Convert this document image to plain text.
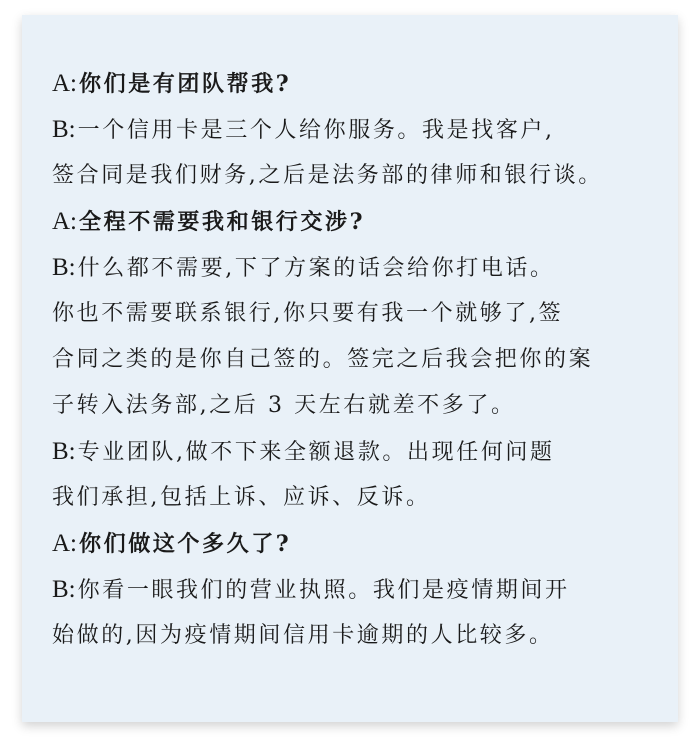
A: 你们是有团队帮我?
B: 一个信用卡是三个人给你服务。我是找客户,
签合同是我们财务,之后是法务部的律师和银行谈。
A: 全程不需要我和银行交涉?
B: 什么都不需要,下了方案的话会给你打电话。
你也不需要联系银行,你只要有我一个就够了,签
合同之类的是你自己签的。签完之后我会把你的案
子转入法务部,之后 3 天左右就差不多了。
B: 专业团队,做不下来全额退款。出现任何问题
我们承担,包括上诉、应诉、反诉。
A: 你们做这个多久了?
B: 你看一眼我们的营业执照。我们是疫情期间开
始做的,因为疫情期间信用卡逾期的人比较多。
